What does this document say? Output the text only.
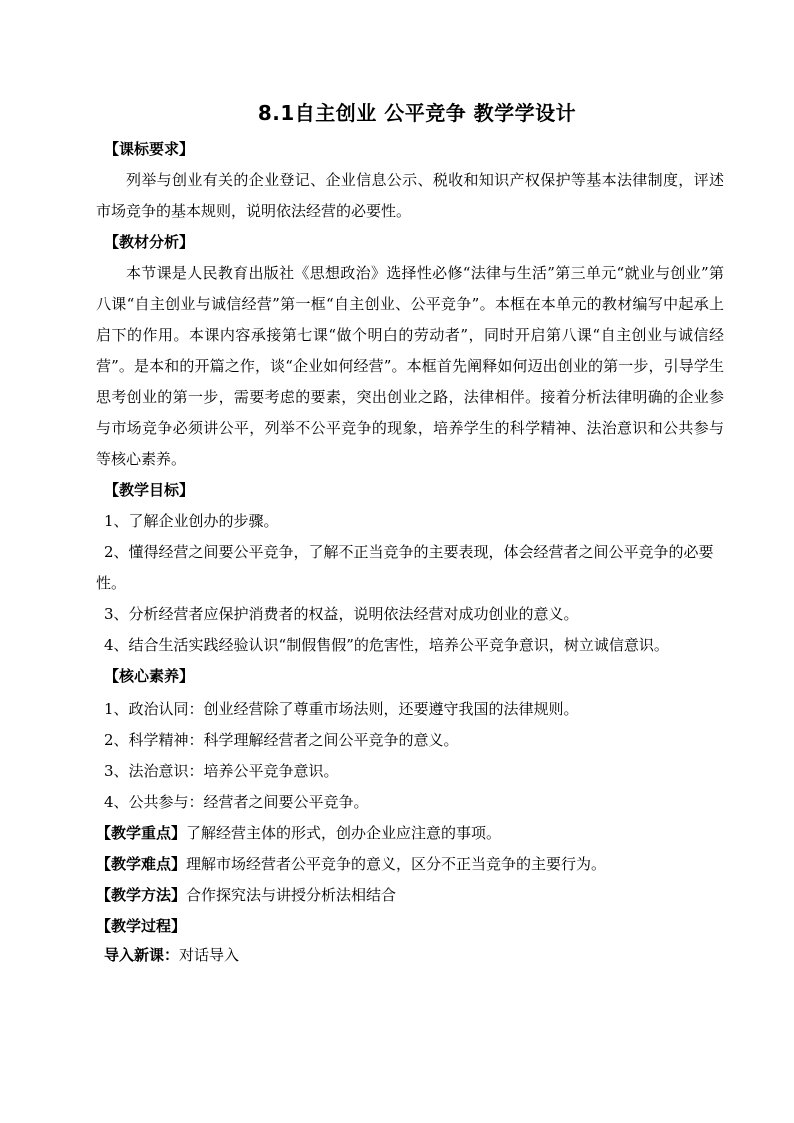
8.1自主创业 公平竞争 教学学设计
【课标要求】

列举与创业有关的企业登记、企业信息公示、税收和知识产权保护等基本法律制度，评述市场竞争的基本规则，说明依法经营的必要性。

【教材分析】

本节课是人民教育出版社《思想政治》选择性必修“法律与生活”第三单元“就业与创业”第八课“自主创业与诚信经营”第一框“自主创业、公平竞争”。本框在本单元的教材编写中起承上启下的作用。本课内容承接第七课“做个明白的劳动者”，同时开启第八课“自主创业与诚信经营”。是本和的开篇之作，谈“企业如何经营”。本框首先阐释如何迈出创业的第一步，引导学生思考创业的第一步，需要考虑的要素，突出创业之路，法律相伴。接着分析法律明确的企业参与市场竞争必须讲公平，列举不公平竞争的现象，培养学生的科学精神、法治意识和公共参与等核心素养。

【教学目标】

1、了解企业创办的步骤。

2、懂得经营之间要公平竞争，了解不正当竞争的主要表现，体会经营者之间公平竞争的必要性。

3、分析经营者应保护消费者的权益，说明依法经营对成功创业的意义。

4、结合生活实践经验认识“制假售假”的危害性，培养公平竞争意识，树立诚信意识。

【核心素养】

1、政治认同：创业经营除了尊重市场法则，还要遵守我国的法律规则。

2、科学精神：科学理解经营者之间公平竞争的意义。

3、法治意识：培养公平竞争意识。

4、公共参与：经营者之间要公平竞争。

【教学重点】了解经营主体的形式，创办企业应注意的事项。

【教学难点】理解市场经营者公平竞争的意义，区分不正当竞争的主要行为。

【教学方法】合作探究法与讲授分析法相结合

【教学过程】

导入新课：对话导入
